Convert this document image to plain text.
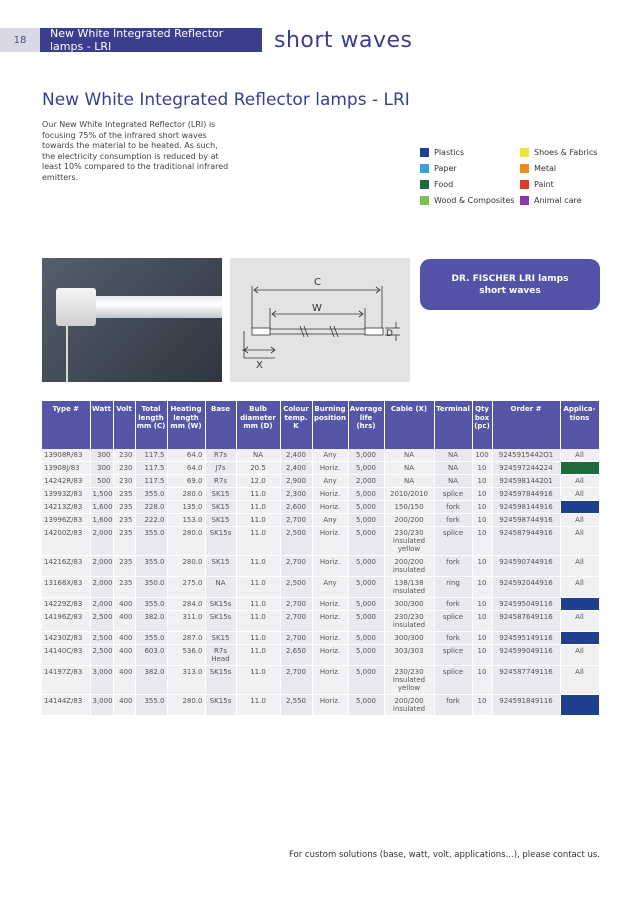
18	New White Integrated Reflector lamps - LRI	short waves
New White Integrated Reflector lamps - LRI

Our New White Integrated Reflector (LRI) is focusing 75% of the infrared short waves towards the material to be heated. As such, the electricity consumption is reduced by at least 10% compared to the traditional infrared emitters.

Plastics	Shoes & Fabrics
Paper	Metal
Food	Paint
Wood & Composites Animal care
C
W
D
X
DR. FISCHER LRI lamps
short waves
Type #	Watt	Volt	Total length mm (C)	Heating length mm (W)	Base	Bulb diameter mm (D)	Colour temp. K	Burning position	Average life (hrs)	Cable (X)	Terminal	Qty box (pc)	Order #	Applica-tions
13908R/83	300	230	117.5	64.0	R7s	NA	2,400	Any	5,000	NA	NA	100	9245915442O1	All
13908J/83	300	230	117.5	64.0	J7s	20.5	2,400	Horiz.	5,000	NA	NA	10	924597244224	
14242R/83	500	230	117.5	69.0	R7s	12.0	2,900	Any	2,000	NA	NA	10	924598144201	All
13993Z/83	1,500	235	355.0	280.0	SK15	11.0	2,300	Horiz.	5,000	2010/2010	splice	10	924597844916	All
14213Z/83	1,600	235	228.0	135.0	SK15	11.0	2,600	Horiz.	5,000	150/150	fork	10	924598144916	
13996Z/83	1,600	235	222.0	153.0	SK15	11.0	2,700	Any	5,000	200/200	fork	10	924598744916	All
14200Z/83	2,000	235	355.0	280.0	SK15s	11.0	2,500	Horiz.	5,000	230/230 insulated yellow	splice	10	924587944916	All
14216Z/83	2,000	235	355.0	280.0	SK15	11.0	2,700	Horiz.	5,000	200/200 insulated	fork	10	924590744916	All
13168X/83	2,000	235	350.0	275.0	NA	11.0	2,500	Any	5,000	138/138 insulated	ring	10	924592044916	All
14229Z/83	2,000	400	355.0	284.0	SK15s	11.0	2,700	Horiz.	5,000	300/300	fork	10	924595049116	
14196Z/83	2,500	400	382.0	311.0	SK15s	11.0	2,700	Horiz.	5,000	230/230 insulated	splice	10	924587649116	All
14230Z/83	2,500	400	355.0	287.0	SK15	11.0	2,700	Horiz.	5,000	300/300	fork	10	924595149116	
14140C/83	2,500	400	603.0	536.0	R7s Head	11.0	2,650	Horiz.	5,000	303/303	splice	10	924599049116	All
14197Z/83	3,000	400	382.0	313.0	SK15s	11.0	2,700	Horiz.	5,000	230/230 insulated yellow	splice	10	924587749116	All
14144Z/83	3,000	400	355.0	280.0	SK15s	11.0	2,550	Horiz.	5,000	200/200 insulated	fork	10	924591849116	
For custom solutions (base, watt, volt, applications...), please contact us.
